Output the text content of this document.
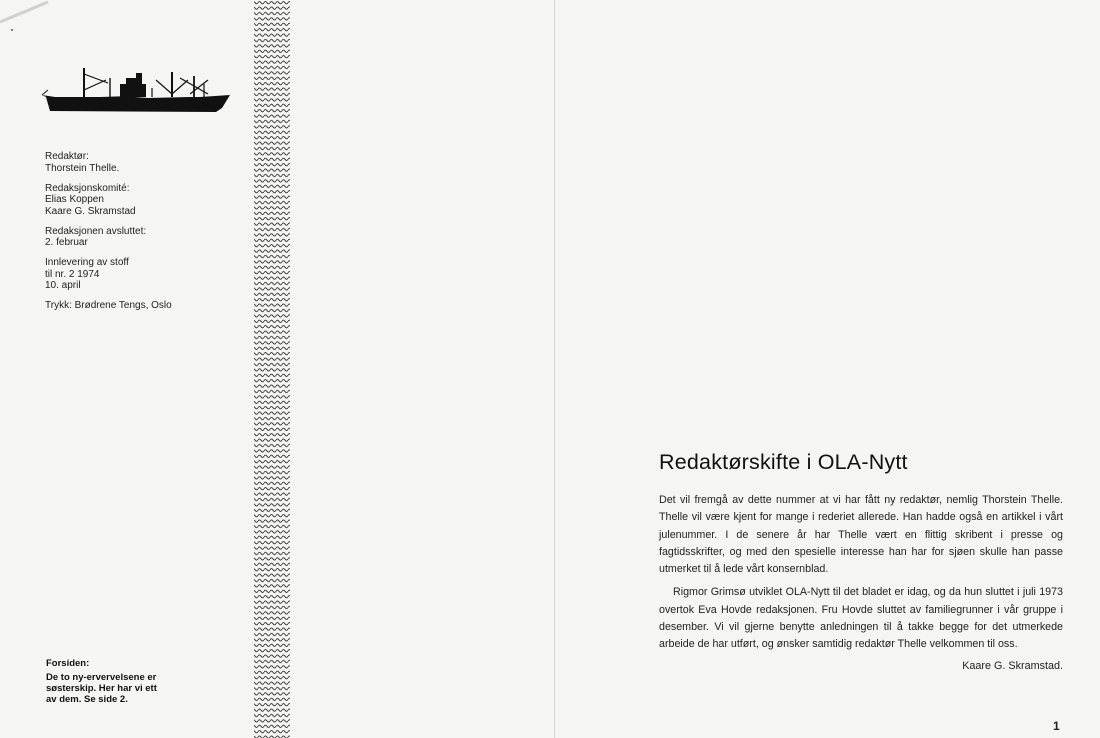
Redaktør:
Thorstein Thelle.
Redaksjonskomité:
Elias Koppen
Kaare G. Skramstad
Redaksjonen avsluttet:
2. februar
Innlevering av stoff
til nr. 2 1974
10. april
Trykk: Brødrene Tengs, Oslo
Forsiden:
De to ny-ervervelsene er
søsterskip. Her har vi ett
av dem. Se side 2.
Redaktørskifte i OLA-Nytt

Det vil fremgå av dette nummer at vi har fått ny redaktør, nemlig Thorstein Thelle. Thelle vil være kjent for mange i rederiet allerede. Han hadde også en artikkel i vårt julenummer. I de senere år har Thelle vært en flittig skribent i presse og fagtidsskrifter, og med den spesielle interesse han har for sjøen skulle han passe utmerket til å lede vårt konsernblad.

Rigmor Grimsø utviklet OLA-Nytt til det bladet er idag, og da hun sluttet i juli 1973 overtok Eva Hovde redaksjonen. Fru Hovde sluttet av familiegrunner i vår gruppe i desember. Vi vil gjerne benytte anledningen til å takke begge for det utmerkede arbeide de har utført, og ønsker samtidig redaktør Thelle velkommen til oss.

Kaare G. Skramstad.
1
